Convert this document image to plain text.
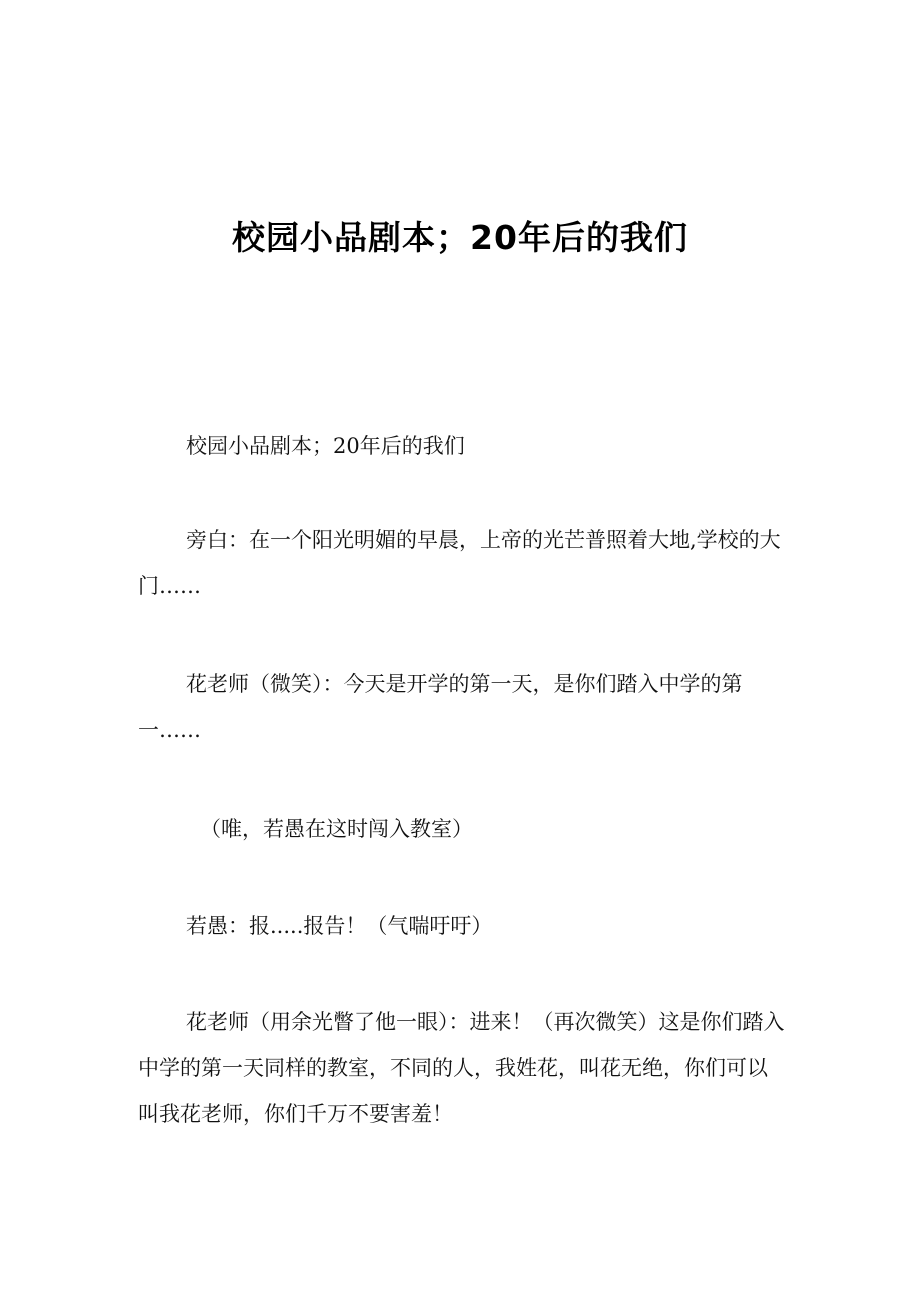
校园小品剧本；20年后的我们
校园小品剧本；20年后的我们
旁白：在一个阳光明媚的早晨，上帝的光芒普照着大地,学校的大门……
花老师（微笑）：今天是开学的第一天，是你们踏入中学的第一……
（唯，若愚在这时闯入教室）
若愚：报.....报告！（气喘吁吁）
花老师（用余光瞥了他一眼）：进来！（再次微笑）这是你们踏入中学的第一天同样的教室，不同的人，我姓花，叫花无绝，你们可以叫我花老师，你们千万不要害羞！
